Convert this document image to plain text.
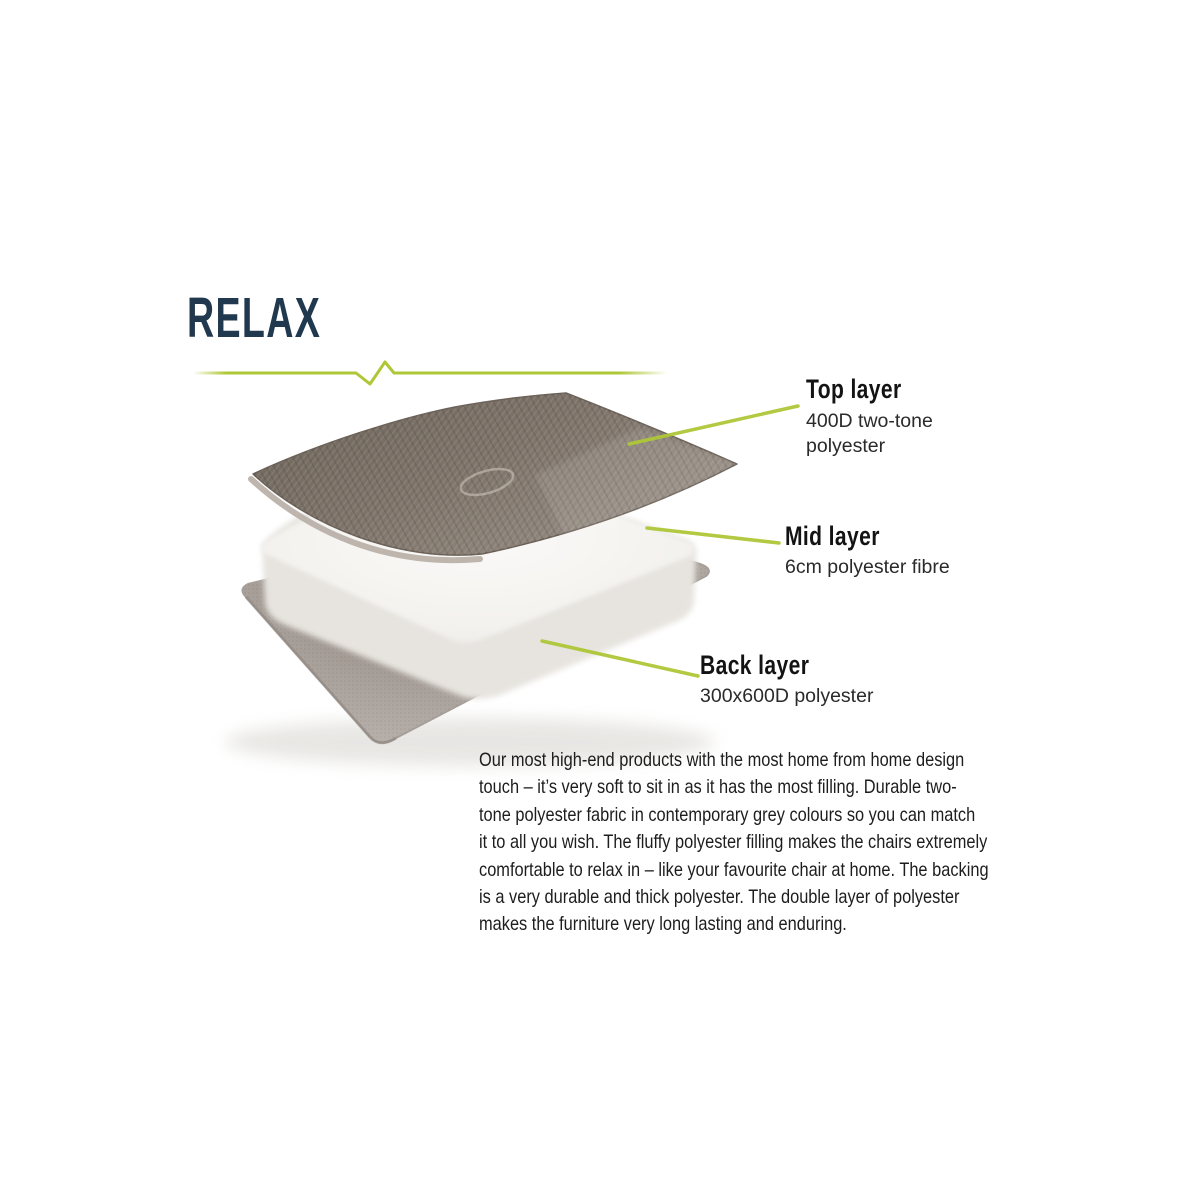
RELAX
Top layer
400D two-tone polyester
Mid layer
6cm polyester fibre
Back layer
300x600D polyester

Our most high-end products with the most home from home design
touch – it’s very soft to sit in as it has the most filling. Durable two-
tone polyester fabric in contemporary grey colours so you can match
it to all you wish. The fluffy polyester filling makes the chairs extremely
comfortable to relax in – like your favourite chair at home. The backing
is a very durable and thick polyester. The double layer of polyester
makes the furniture very long lasting and enduring.
